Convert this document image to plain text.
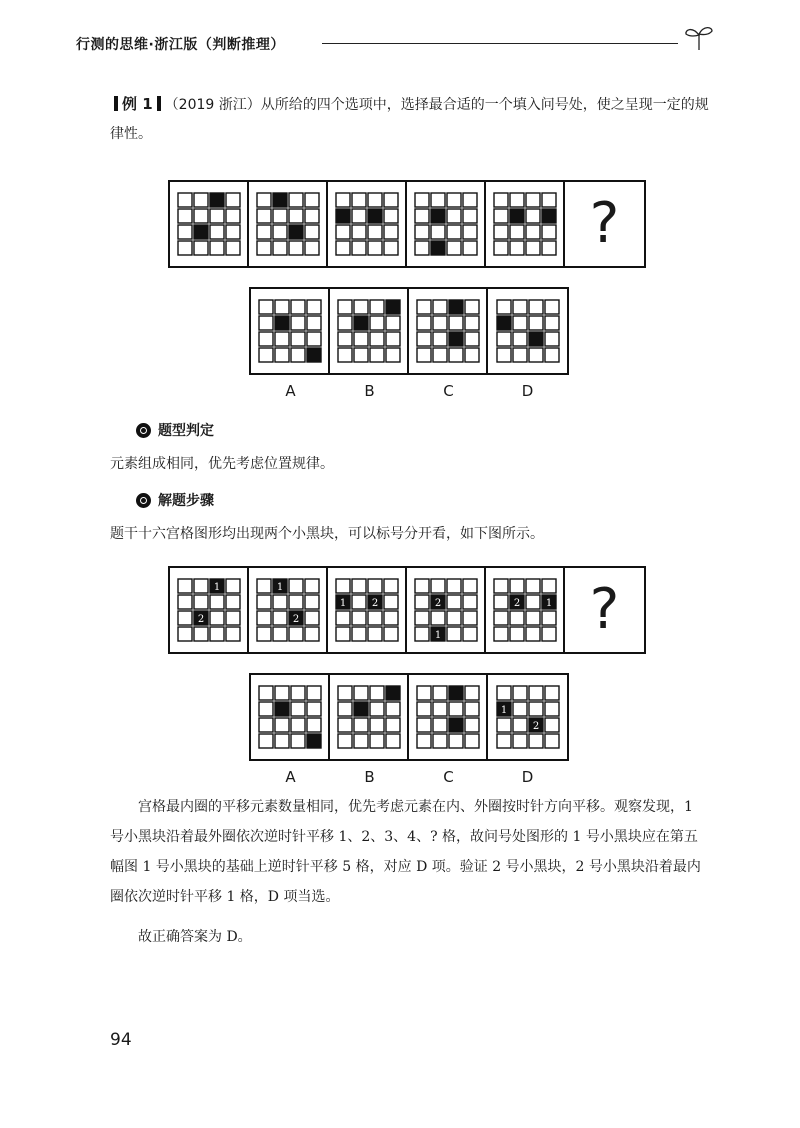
行测的思维·浙江版（判断推理）
例 1 （2019 浙江）从所给的四个选项中，选择最合适的一个填入问号处，使之呈现一定的规律性。
?
A	B	C	D
题型判定
元素组成相同，优先考虑位置规律。
解题步骤
题干十六宫格图形均出现两个小黑块，可以标号分开看，如下图所示。
1
2
1
2
1	2	2
1
2	1 ?
1
2
A	B	C	D

宫格最内圈的平移元素数量相同，优先考虑元素在内、外圈按时针方向平移。观察发现，1 号小黑块沿着最外圈依次逆时针平移 1、2、3、4、? 格，故问号处图形的 1 号小黑块应在第五幅图 1 号小黑块的基础上逆时针平移 5 格，对应 D 项。验证 2 号小黑块，2 号小黑块沿着最内圈依次逆时针平移 1 格，D 项当选。

故正确答案为 D。

94
